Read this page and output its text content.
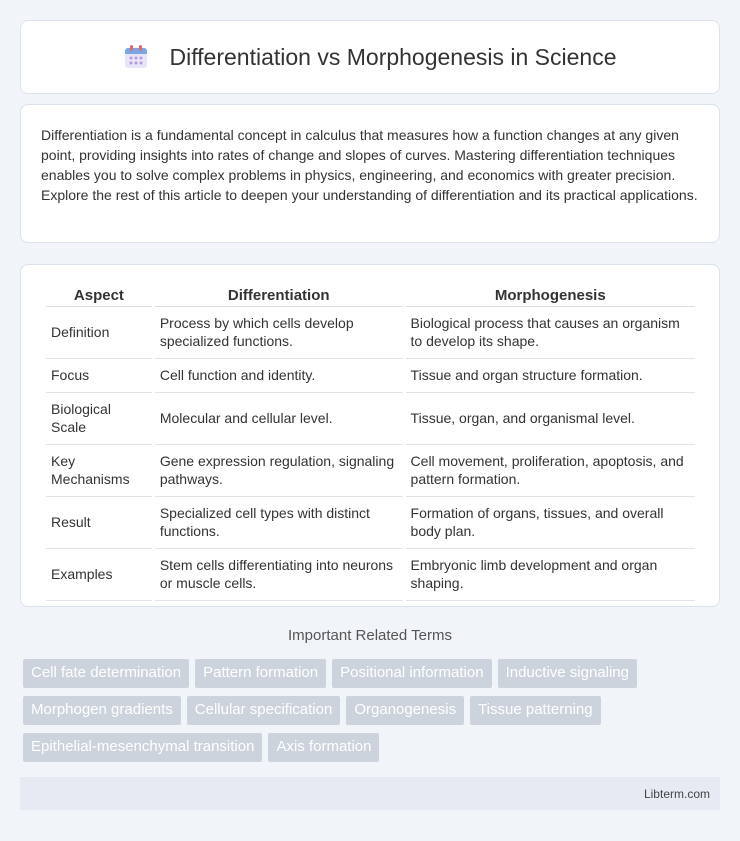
Differentiation vs Morphogenesis in Science

Differentiation is a fundamental concept in calculus that measures how a function changes at any given point, providing insights into rates of change and slopes of curves. Mastering differentiation techniques enables you to solve complex problems in physics, engineering, and economics with greater precision. Explore the rest of this article to deepen your understanding of differentiation and its practical applications.

Aspect	Differentiation	Morphogenesis
Definition	Process by which cells develop specialized functions.	Biological process that causes an organism to develop its shape.
Focus	Cell function and identity.	Tissue and organ structure formation.
Biological Scale	Molecular and cellular level.	Tissue, organ, and organismal level.
Key Mechanisms	Gene expression regulation, signaling pathways.	Cell movement, proliferation, apoptosis, and pattern formation.
Result	Specialized cell types with distinct functions.	Formation of organs, tissues, and overall body plan.
Examples	Stem cells differentiating into neurons or muscle cells.	Embryonic limb development and organ shaping.
Important Related Terms
Cell fate determination	Pattern formation	Positional information	Inductive signaling
Morphogen gradients	Cellular specification	Organogenesis	Tissue patterning
Epithelial-mesenchymal transition	Axis formation
Libterm.com
